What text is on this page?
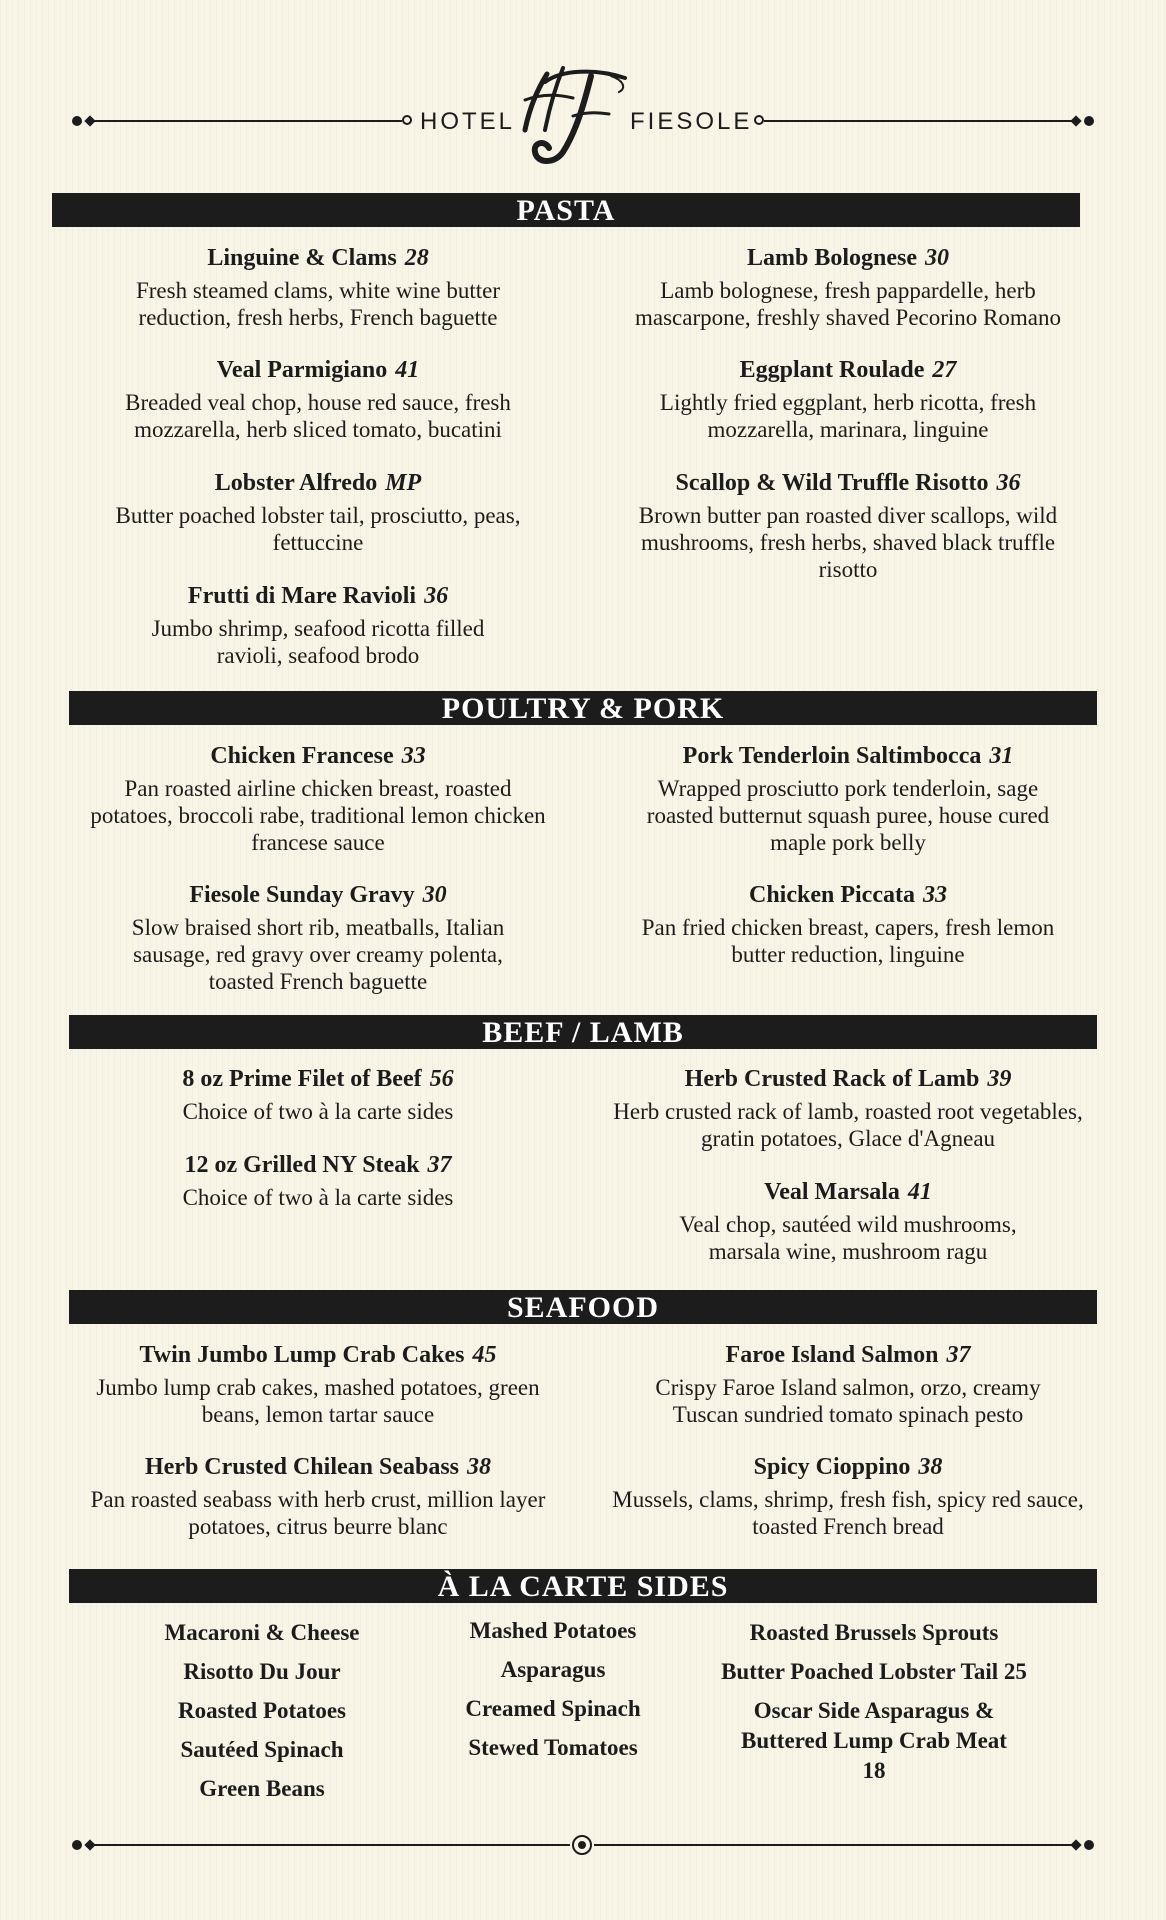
HOTEL	FIESOLE
PASTA
Linguine & Clams 28
Fresh steamed clams, white wine butter reduction, fresh herbs, French baguette
Lamb Bolognese 30
Lamb bolognese, fresh pappardelle, herb mascarpone, freshly shaved Pecorino Romano
Veal Parmigiano 41
Breaded veal chop, house red sauce, fresh mozzarella, herb sliced tomato, bucatini
Eggplant Roulade 27
Lightly fried eggplant, herb ricotta, fresh mozzarella, marinara, linguine
Lobster Alfredo MP
Butter poached lobster tail, prosciutto, peas, fettuccine
Scallop & Wild Truffle Risotto 36
Brown butter pan roasted diver scallops, wild mushrooms, fresh herbs, shaved black truffle risotto
Frutti di Mare Ravioli 36
Jumbo shrimp, seafood ricotta filled ravioli, seafood brodo
POULTRY & PORK
Chicken Francese 33
Pan roasted airline chicken breast, roasted potatoes, broccoli rabe, traditional lemon chicken francese sauce
Pork Tenderloin Saltimbocca 31
Wrapped prosciutto pork tenderloin, sage roasted butternut squash puree, house cured maple pork belly
Fiesole Sunday Gravy 30
Slow braised short rib, meatballs, Italian sausage, red gravy over creamy polenta, toasted French baguette
Chicken Piccata 33
Pan fried chicken breast, capers, fresh lemon butter reduction, linguine
BEEF / LAMB
8 oz Prime Filet of Beef 56
Choice of two à la carte sides
Herb Crusted Rack of Lamb 39
Herb crusted rack of lamb, roasted root vegetables, gratin potatoes, Glace d'Agneau
12 oz Grilled NY Steak 37
Choice of two à la carte sides	Veal Marsala 41
Veal chop, sautéed wild mushrooms, marsala wine, mushroom ragu
SEAFOOD
Twin Jumbo Lump Crab Cakes 45
Jumbo lump crab cakes, mashed potatoes, green beans, lemon tartar sauce
Faroe Island Salmon 37
Crispy Faroe Island salmon, orzo, creamy Tuscan sundried tomato spinach pesto
Herb Crusted Chilean Seabass 38
Pan roasted seabass with herb crust, million layer potatoes, citrus beurre blanc
Spicy Cioppino 38
Mussels, clams, shrimp, fresh fish, spicy red sauce, toasted French bread
À LA CARTE SIDES
Macaroni & Cheese
Risotto Du Jour
Roasted Potatoes
Sautéed Spinach
Green Beans
Mashed Potatoes
Asparagus
Creamed Spinach
Stewed Tomatoes
Roasted Brussels Sprouts
Butter Poached Lobster Tail 25
Oscar Side Asparagus & Buttered Lump Crab Meat 18
